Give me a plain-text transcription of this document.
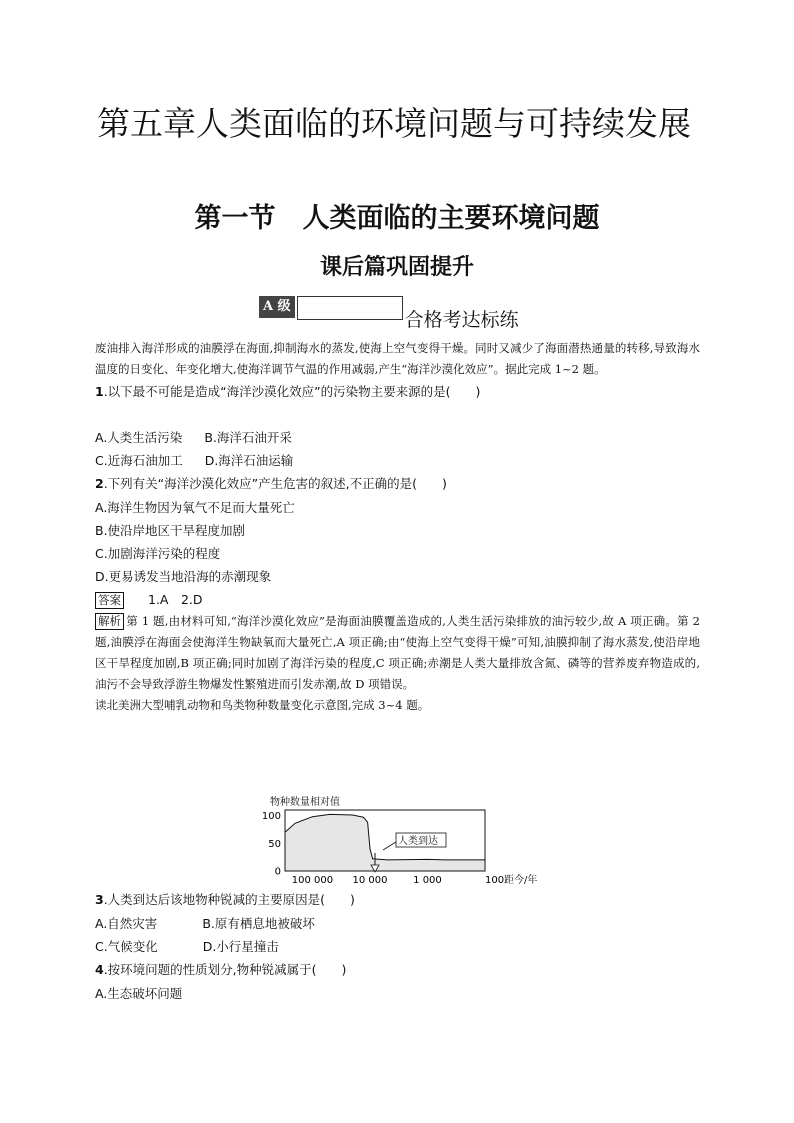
第五章人类面临的环境问题与可持续发展
第一节　人类面临的主要环境问题
课后篇巩固提升
A 级
合格考达标练

废油排入海洋形成的油膜浮在海面,抑制海水的蒸发,使海上空气变得干燥。同时又减少了海面潜热通量的转移,导致海水温度的日变化、年变化增大,使海洋调节气温的作用减弱,产生“海洋沙漠化效应”。据此完成 1~2 题。

1.以下最不可能是造成“海洋沙漠化效应”的污染物主要来源的是(　　)

A.人类生活污染 B.海洋石油开采

C.近海石油加工 D.海洋石油运输

2.下列有关“海洋沙漠化效应”产生危害的叙述,不正确的是(　　)

A.海洋生物因为氧气不足而大量死亡

B.使沿岸地区干旱程度加剧

C.加剧海洋污染的程度

D.更易诱发当地沿海的赤潮现象

答案 1.A　2.D

解析 第 1 题,由材料可知,“海洋沙漠化效应”是海面油膜覆盖造成的,人类生活污染排放的油污较少,故 A 项正确。第 2 题,油膜浮在海面会使海洋生物缺氧而大量死亡,A 项正确;由“使海上空气变得干燥”可知,油膜抑制了海水蒸发,使沿岸地区干旱程度加剧,B 项正确;同时加剧了海洋污染的程度,C 项正确;赤潮是人类大量排放含氮、磷等的营养废弃物造成的,油污不会导致浮游生物爆发性繁殖进而引发赤潮,故 D 项错误。

读北美洲大型哺乳动物和鸟类物种数量变化示意图,完成 3~4 题。

物种数量相对值
100
50
0
100 000 10 000	1 000	100 距今/年
人类到达

3.人类到达后该地物种锐减的主要原因是(　　)

A.自然灾害	B.原有栖息地被破坏

C.气候变化	D.小行星撞击

4.按环境问题的性质划分,物种锐减属于(　　)

A.生态破坏问题
